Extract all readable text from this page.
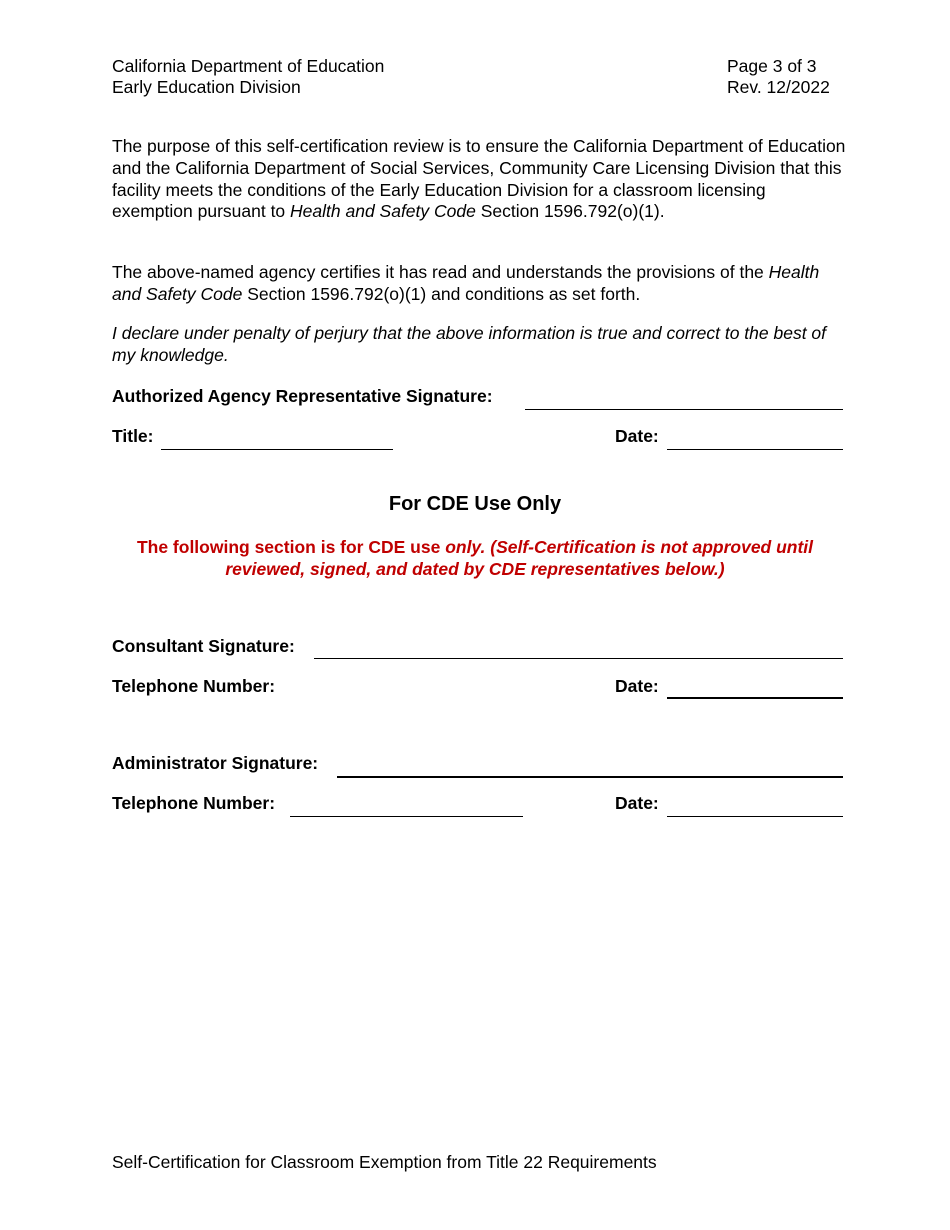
California Department of Education
Early Education Division
Page 3 of 3
Rev. 12/2022

The purpose of this self-certification review is to ensure the California Department of Education and the California Department of Social Services, Community Care Licensing Division that this facility meets the conditions of the Early Education Division for a classroom licensing exemption pursuant to Health and Safety Code Section 1596.792(o)(1).

The above-named agency certifies it has read and understands the provisions of the Health and Safety Code Section 1596.792(o)(1) and conditions as set forth.

I declare under penalty of perjury that the above information is true and correct to the best of my knowledge.

Authorized Agency Representative Signature:
Title:	Date:
For CDE Use Only

The following section is for CDE use only. (Self-Certification is not approved until reviewed, signed, and dated by CDE representatives below.)

Consultant Signature:
Telephone Number:	Date:
Administrator Signature:
Telephone Number:	Date:
Self-Certification for Classroom Exemption from Title 22 Requirements
